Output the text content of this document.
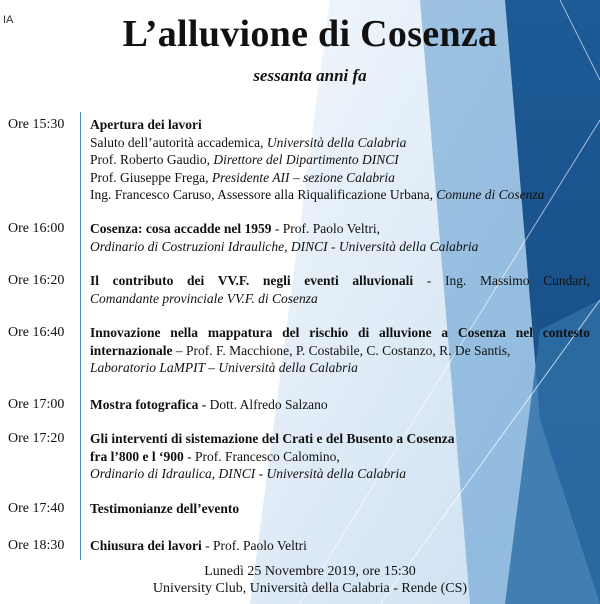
IA	L’alluvione di Cosenza
sessanta anni fa
Ore 15:30	Apertura dei lavori
Saluto dell’autorità accademica, Università della Calabria
Prof. Roberto Gaudio, Direttore del Dipartimento DINCI
Prof. Giuseppe Frega, Presidente AII – sezione Calabria
Ing. Francesco Caruso, Assessore alla Riqualificazione Urbana, Comune di Cosenza
Ore 16:00	Cosenza: cosa accadde nel 1959 - Prof. Paolo Veltri,
Ordinario di Costruzioni Idrauliche, DINCI - Università della Calabria
Ore 16:20	Il contributo dei VV.F. negli eventi alluvionali - Ing. Massimo Cundari,
Comandante provinciale VV.F. di Cosenza
Ore 16:40	Innovazione nella mappatura del rischio di alluvione a Cosenza nel contesto
internazionale – Prof. F. Macchione, P. Costabile, C. Costanzo, R. De Santis,
Laboratorio LaMPIT – Università della Calabria
Ore 17:00	Mostra fotografica - Dott. Alfredo Salzano
Ore 17:20	Gli interventi di sistemazione del Crati e del Busento a Cosenza
fra l’800 e l ‘900 - Prof. Francesco Calomino,
Ordinario di Idraulica, DINCI - Università della Calabria
Ore 17:40	Testimonianze dell’evento
Ore 18:30	Chiusura dei lavori - Prof. Paolo Veltri
Lunedì 25 Novembre 2019, ore 15:30
University Club, Università della Calabria - Rende (CS)
